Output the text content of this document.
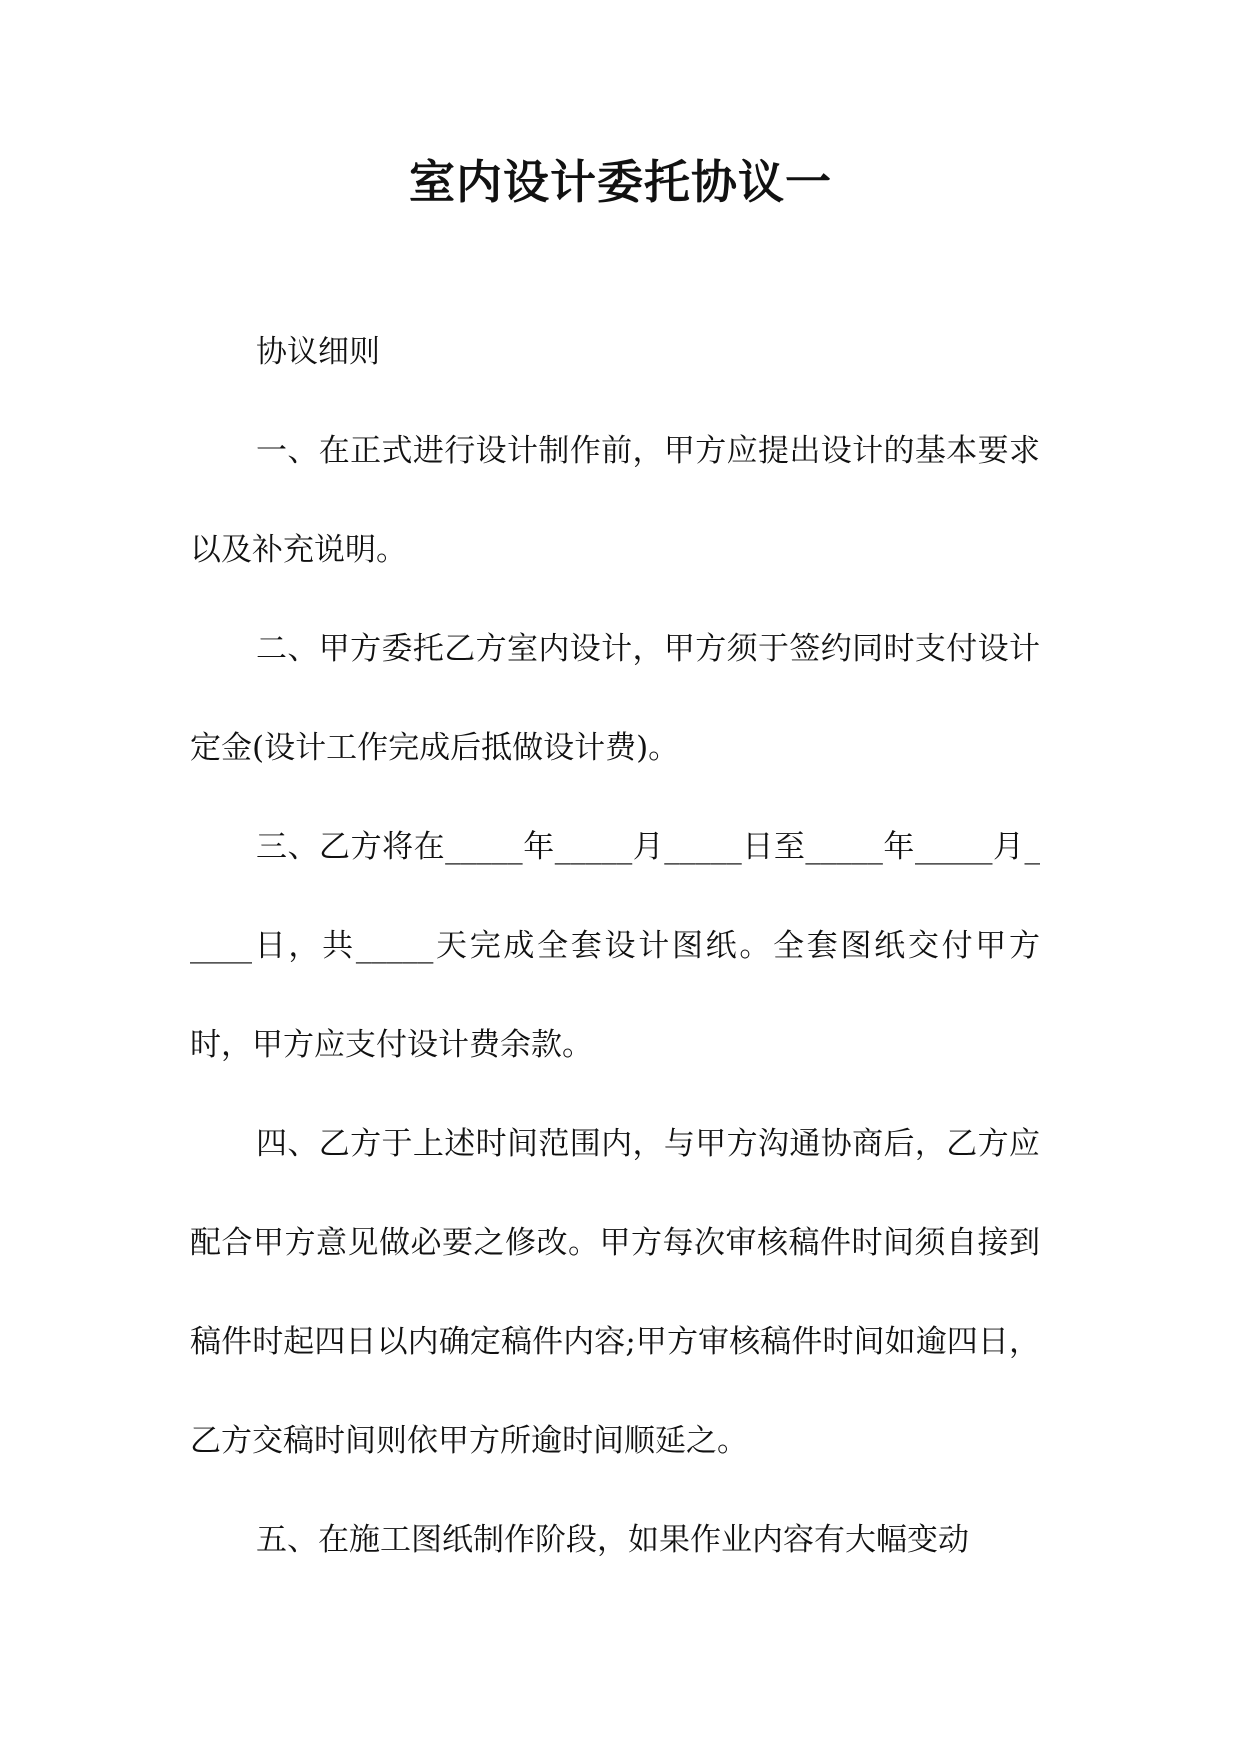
室内设计委托协议一

协议细则

一、在正式进行设计制作前，甲方应提出设计的基本要求以及补充说明。

二、甲方委托乙方室内设计，甲方须于签约同时支付设计定金(设计工作完成后抵做设计费)。

三、乙方将在_____年_____月_____日至_____年_____月_____日，共_____天完成全套设计图纸。全套图纸交付甲方时，甲方应支付设计费余款。

四、乙方于上述时间范围内，与甲方沟通协商后，乙方应配合甲方意见做必要之修改。甲方每次审核稿件时间须自接到稿件时起四日以内确定稿件内容;甲方审核稿件时间如逾四日，乙方交稿时间则依甲方所逾时间顺延之。

五、在施工图纸制作阶段，如果作业内容有大幅变动
